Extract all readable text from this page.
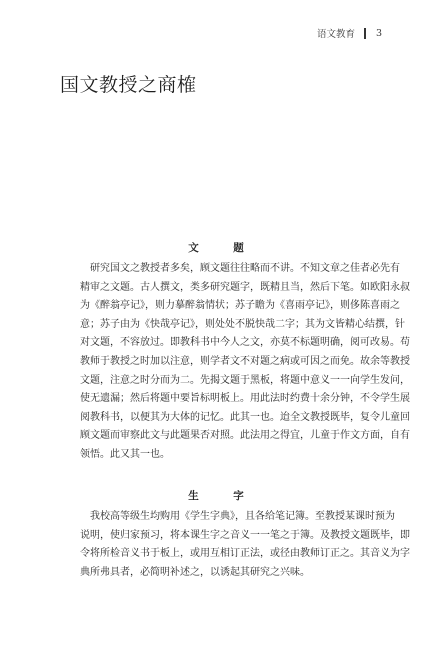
语文教育 3
国文教授之商榷
文　题
　研究国文之教授者多矣，顾文题往往略而不讲。不知文章之佳者必先有
精审之文题。古人撰文，类多研究题字，既精且当，然后下笔。如欧阳永叔
为《醉翁亭记》，则力摹醉翁情状；苏子瞻为《喜雨亭记》，则侈陈喜雨之
意；苏子由为《快哉亭记》，则处处不脱快哉二字；其为文皆精心结撰，针
对文题，不容放过。即教科书中今人之文，亦莫不标题明确，阅可改易。苟
教师于教授之时加以注意，则学者文不对题之病或可因之而免。故余等教授
文题，注意之时分而为二。先揭文题于黑板，将题中意义一一向学生发问，
使无遗漏；然后将题中要旨标明板上。用此法时约费十余分钟，不令学生展
阅教科书，以便其为大体的记忆。此其一也。迨全文教授既毕，复令儿童回
顾文题而审察此文与此题果否对照。此法用之得宜，儿童于作文方面，自有
领悟。此又其一也。
生　字
　我校高等级生均购用《学生字典》，且各给笔记簿。至教授某课时预为
说明，使归家预习，将本课生字之音义一一笔之于簿。及教授文题既毕，即
令将所检音义书于板上，或用互相订正法，或径由教师订正之。其音义为字
典所弗具者，必简明补述之，以诱起其研究之兴味。
